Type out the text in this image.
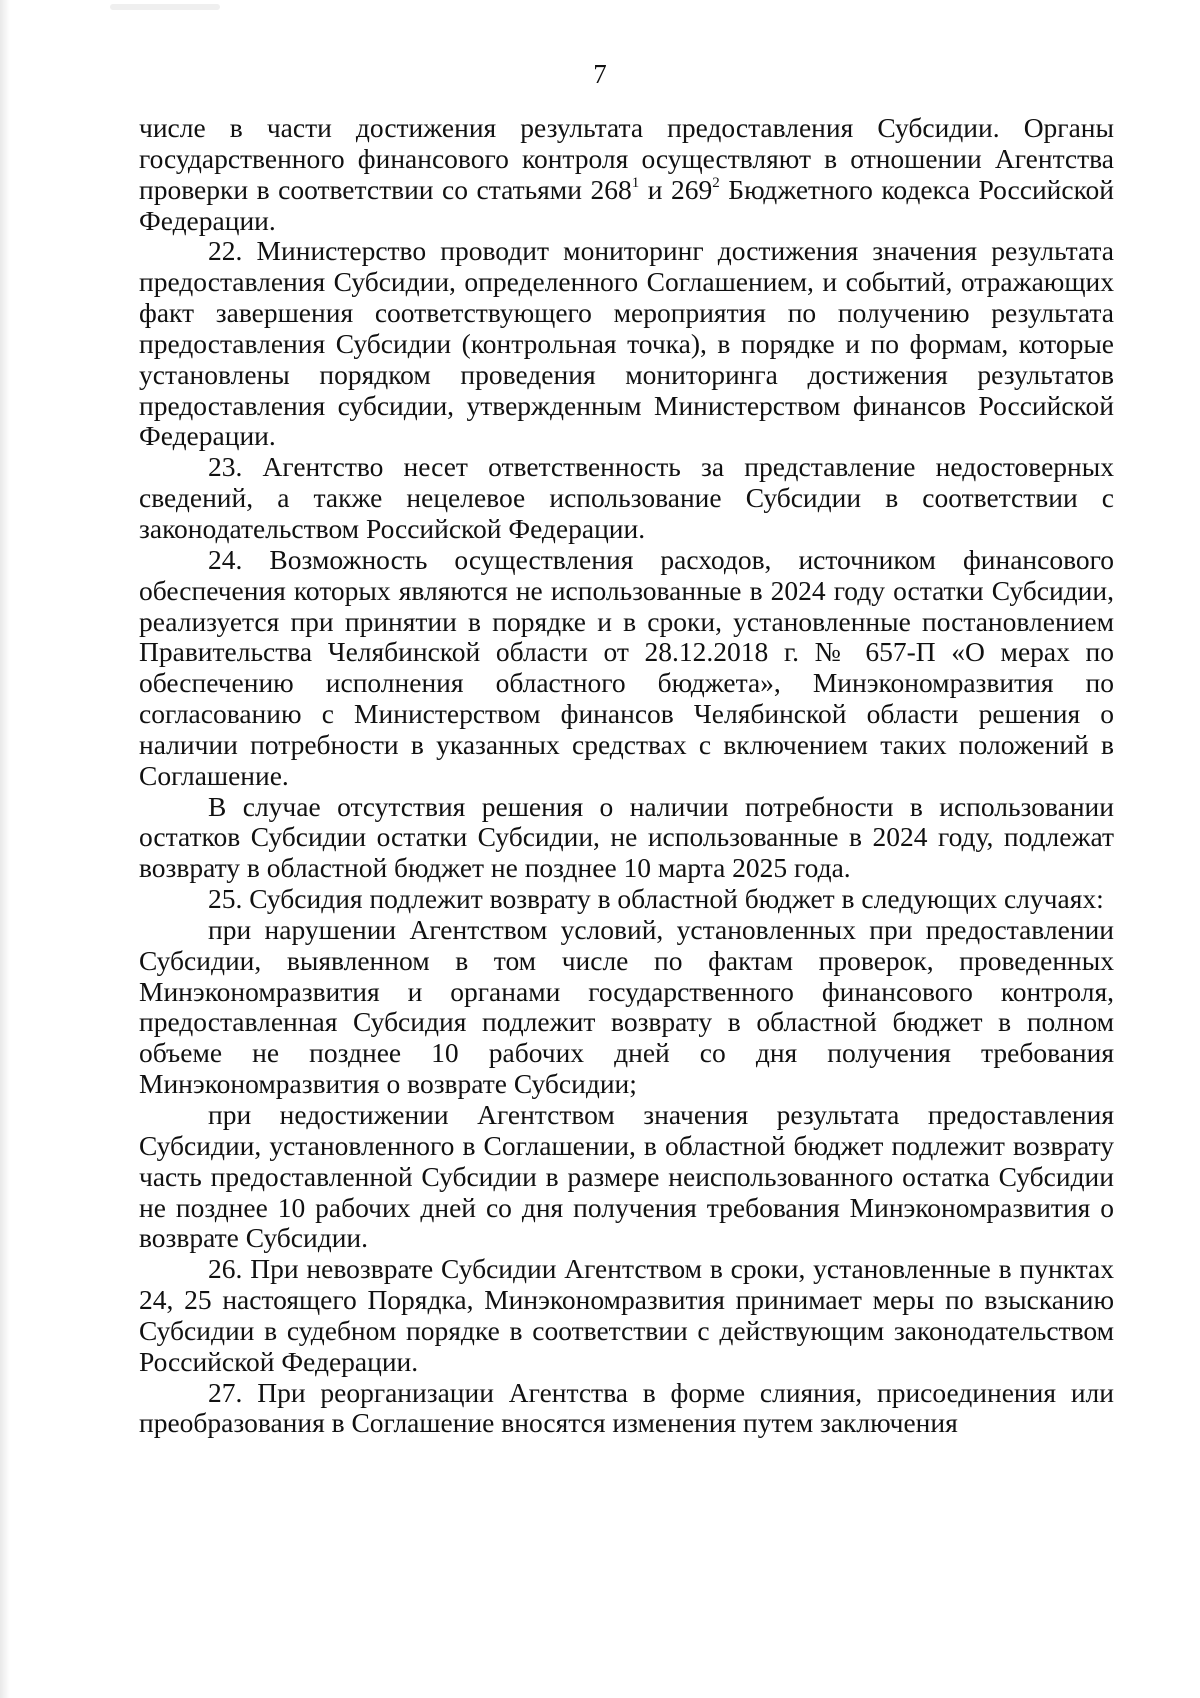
7

числе в части достижения результата предоставления Субсидии. Органы государственного финансового контроля осуществляют в отношении Агентства проверки в соответствии со статьями $268^1$ и $269^2$ Бюджетного кодекса Российской Федерации.

22. Министерство проводит мониторинг достижения значения результата предоставления Субсидии, определенного Соглашением, и событий, отражающих факт завершения соответствующего мероприятия по получению результата предоставления Субсидии (контрольная точка), в порядке и по формам, которые установлены порядком проведения мониторинга достижения результатов предоставления субсидии, утвержденным Министерством финансов Российской Федерации.

23. Агентство несет ответственность за представление недостоверных сведений, а также нецелевое использование Субсидии в соответствии с законодательством Российской Федерации.

24. Возможность осуществления расходов, источником финансового обеспечения которых являются не использованные в 2024 году остатки Субсидии, реализуется при принятии в порядке и в сроки, установленные постановлением Правительства Челябинской области от 28.12.2018 г. № 657-П «О мерах по обеспечению исполнения областного бюджета», Минэкономразвития по согласованию с Министерством финансов Челябинской области решения о наличии потребности в указанных средствах с включением таких положений в Соглашение.

В случае отсутствия решения о наличии потребности в использовании остатков Субсидии остатки Субсидии, не использованные в 2024 году, подлежат возврату в областной бюджет не позднее 10 марта 2025 года.

25. Субсидия подлежит возврату в областной бюджет в следующих случаях:

при нарушении Агентством условий, установленных при предоставлении Субсидии, выявленном в том числе по фактам проверок, проведенных Минэкономразвития и органами государственного финансового контроля, предоставленная Субсидия подлежит возврату в областной бюджет в полном объеме не позднее 10 рабочих дней со дня получения требования Минэкономразвития о возврате Субсидии;

при недостижении Агентством значения результата предоставления Субсидии, установленного в Соглашении, в областной бюджет подлежит возврату часть предоставленной Субсидии в размере неиспользованного остатка Субсидии не позднее 10 рабочих дней со дня получения требования Минэкономразвития о возврате Субсидии.

26. При невозврате Субсидии Агентством в сроки, установленные в пунктах 24, 25 настоящего Порядка, Минэкономразвития принимает меры по взысканию Субсидии в судебном порядке в соответствии с действующим законодательством Российской Федерации.

27. При реорганизации Агентства в форме слияния, присоединения или преобразования в Соглашение вносятся изменения путем заключения
